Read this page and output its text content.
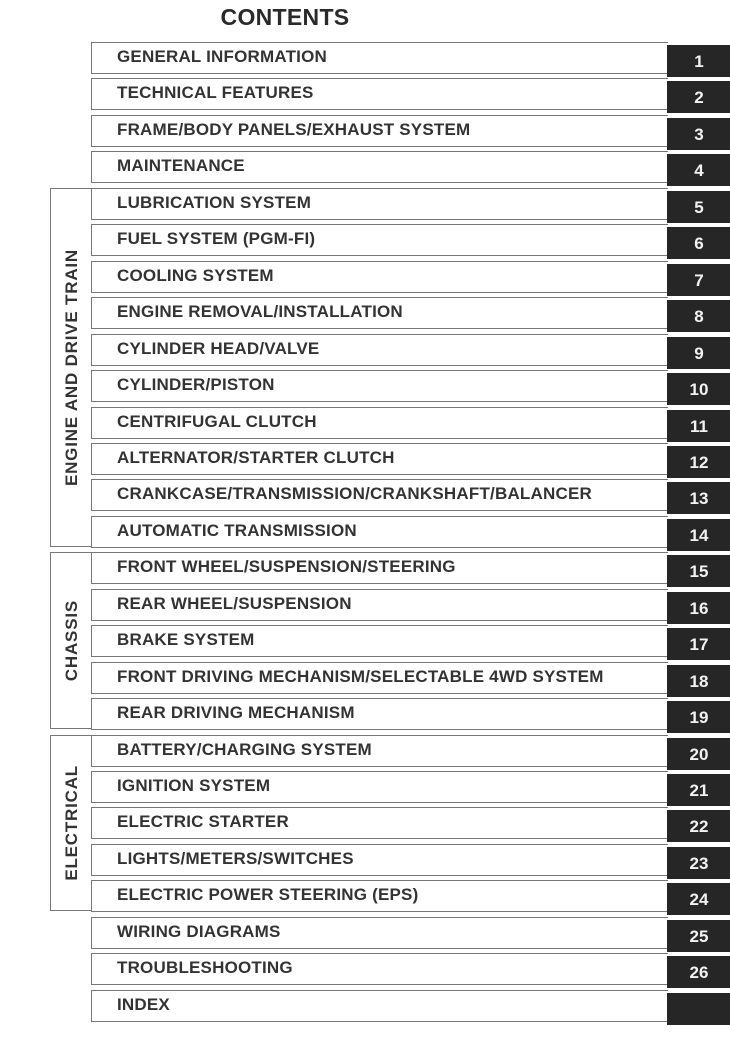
CONTENTS
ENGINE AND DRIVE TRAIN
CHASSIS
ELECTRICAL
GENERAL INFORMATION	1
TECHNICAL FEATURES	2
FRAME/BODY PANELS/EXHAUST SYSTEM	3
MAINTENANCE	4
LUBRICATION SYSTEM	5
FUEL SYSTEM (PGM-FI)	6
COOLING SYSTEM	7
ENGINE REMOVAL/INSTALLATION	8
CYLINDER HEAD/VALVE	9
CYLINDER/PISTON	10
CENTRIFUGAL CLUTCH	11
ALTERNATOR/STARTER CLUTCH	12
CRANKCASE/TRANSMISSION/CRANKSHAFT/BALANCER	13
AUTOMATIC TRANSMISSION	14
FRONT WHEEL/SUSPENSION/STEERING	15
REAR WHEEL/SUSPENSION	16
BRAKE SYSTEM	17
FRONT DRIVING MECHANISM/SELECTABLE 4WD SYSTEM	18
REAR DRIVING MECHANISM	19
BATTERY/CHARGING SYSTEM	20
IGNITION SYSTEM	21
ELECTRIC STARTER	22
LIGHTS/METERS/SWITCHES	23
ELECTRIC POWER STEERING (EPS)	24
WIRING DIAGRAMS	25
TROUBLESHOOTING	26
INDEX
